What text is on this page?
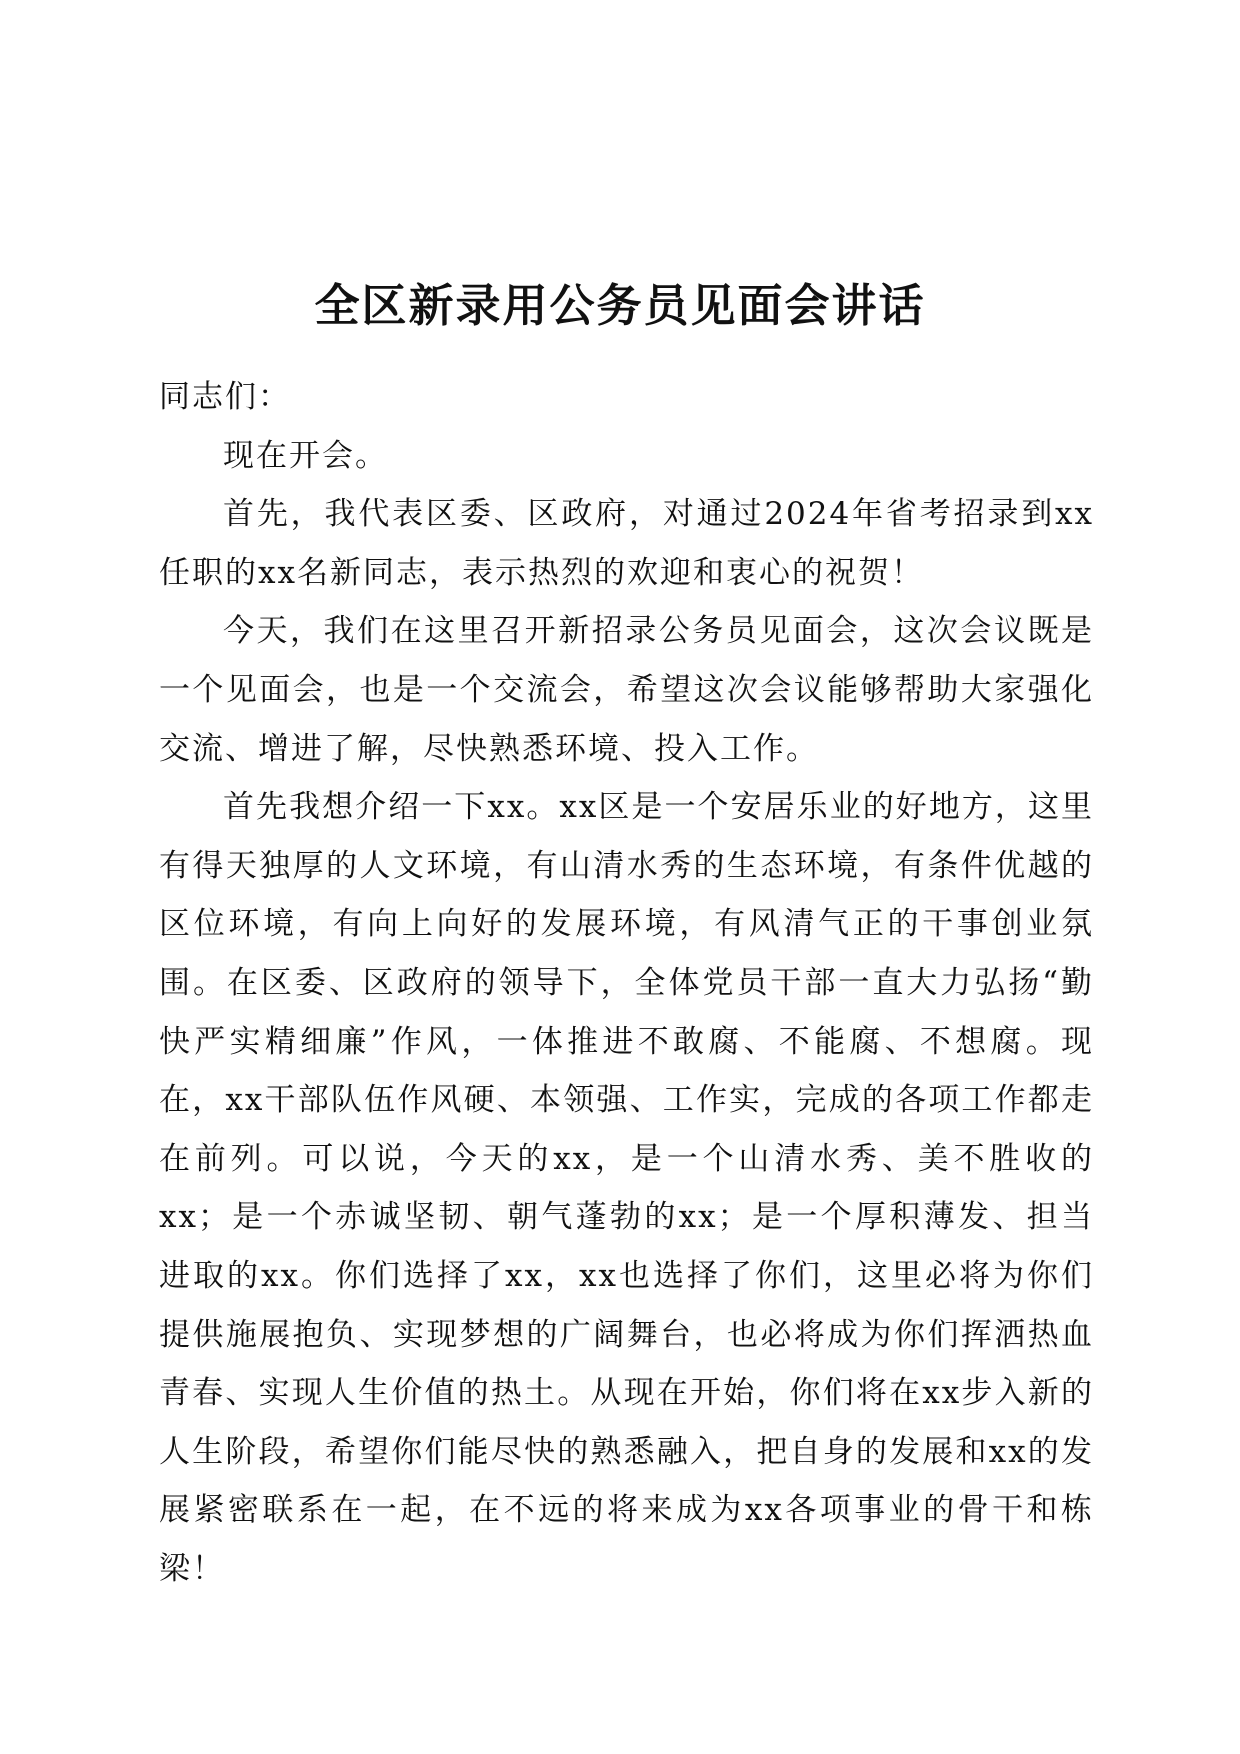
全区新录用公务员见面会讲话

同志们：

现在开会。

首先，我代表区委、区政府，对通过2024年省考招录到xx任职的xx名新同志，表示热烈的欢迎和衷心的祝贺！

今天，我们在这里召开新招录公务员见面会，这次会议既是一个见面会，也是一个交流会，希望这次会议能够帮助大家强化交流、增进了解，尽快熟悉环境、投入工作。

首先我想介绍一下xx。xx区是一个安居乐业的好地方，这里有得天独厚的人文环境，有山清水秀的生态环境，有条件优越的区位环境，有向上向好的发展环境，有风清气正的干事创业氛围。在区委、区政府的领导下，全体党员干部一直大力弘扬“勤快严实精细廉”作风，一体推进不敢腐、不能腐、不想腐。现在，xx干部队伍作风硬、本领强、工作实，完成的各项工作都走在前列。可以说，今天的xx，是一个山清水秀、美不胜收的xx；是一个赤诚坚韧、朝气蓬勃的xx；是一个厚积薄发、担当进取的xx。你们选择了xx，xx也选择了你们，这里必将为你们提供施展抱负、实现梦想的广阔舞台，也必将成为你们挥洒热血青春、实现人生价值的热土。从现在开始，你们将在xx步入新的人生阶段，希望你们能尽快的熟悉融入，把自身的发展和xx的发展紧密联系在一起，在不远的将来成为xx各项事业的骨干和栋梁！
